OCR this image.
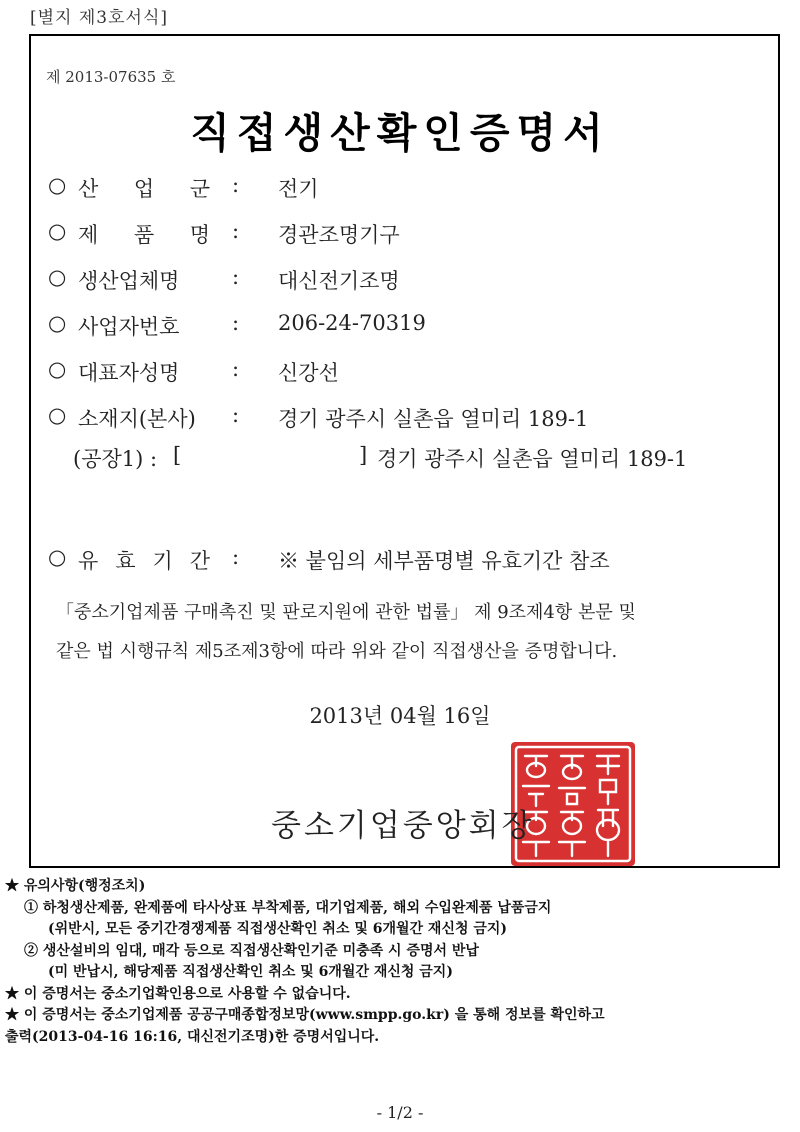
[별지 제3호서식]
제 2013-07635 호
직접생산확인증명서
○ 산 업 군 : 전기
○ 제 품 명 : 경관조명기구
○ 생산업체명	: 대신전기조명
○ 사업자번호	: 206-24-70319
○ 대표자성명	: 신강선
○ 소재지(본사)	: 경기 광주시 실촌읍 열미리 189-1
(공장1) : [	] 경기 광주시 실촌읍 열미리 189-1
○ 유 효 기 간 : ※ 붙임의 세부품명별 유효기간 참조
「중소기업제품 구매촉진 및 판로지원에 관한 법률」 제 9조제4항 본문 및
같은 법 시행규칙 제5조제3항에 따라 위와 같이 직접생산을 증명합니다.
2013년 04월 16일
중소기업중앙회장
★ 유의사항(행정조치)
① 하청생산제품, 완제품에 타사상표 부착제품, 대기업제품, 해외 수입완제품 납품금지
(위반시, 모든 중기간경쟁제품 직접생산확인 취소 및 6개월간 재신청 금지)
② 생산설비의 임대, 매각 등으로 직접생산확인기준 미충족 시 증명서 반납
(미 반납시, 해당제품 직접생산확인 취소 및 6개월간 재신청 금지)
★ 이 증명서는 중소기업확인용으로 사용할 수 없습니다.
★ 이 증명서는 중소기업제품 공공구매종합정보망(www.smpp.go.kr) 을 통해 정보를 확인하고
출력(2013-04-16 16:16, 대신전기조명)한 증명서입니다.
- 1/2 -
